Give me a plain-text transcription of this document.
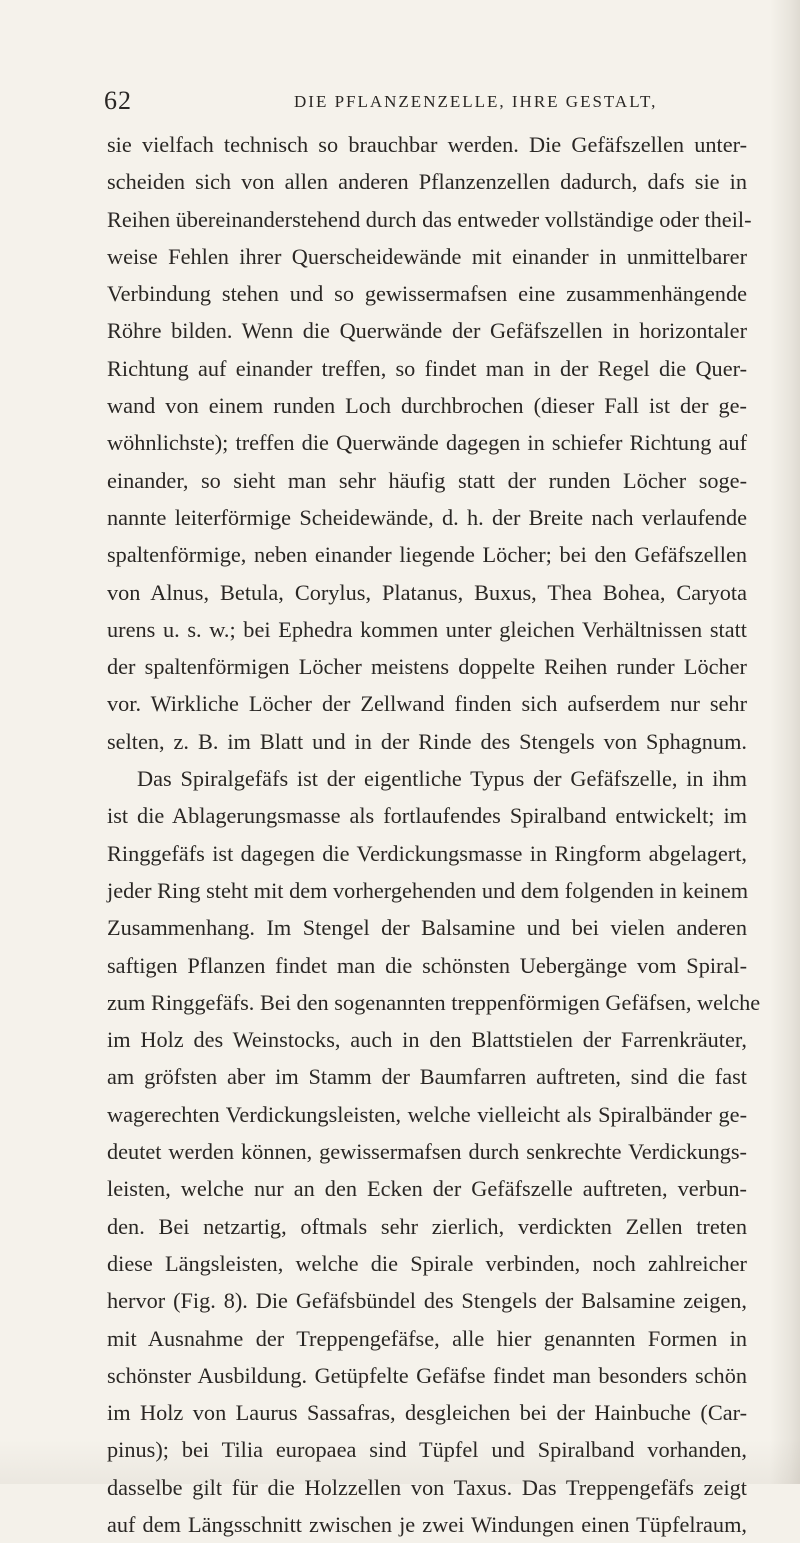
62	DIE PFLANZENZELLE, IHRE GESTALT,
sie vielfach technisch so brauchbar werden. Die Gefäfszellen unter-
scheiden sich von allen anderen Pflanzenzellen dadurch, dafs sie in
Reihen übereinanderstehend durch das entweder vollständige oder theil-
weise Fehlen ihrer Querscheidewände mit einander in unmittelbarer
Verbindung stehen und so gewissermafsen eine zusammenhängende
Röhre bilden. Wenn die Querwände der Gefäfszellen in horizontaler
Richtung auf einander treffen, so findet man in der Regel die Quer-
wand von einem runden Loch durchbrochen (dieser Fall ist der ge-
wöhnlichste); treffen die Querwände dagegen in schiefer Richtung auf
einander, so sieht man sehr häufig statt der runden Löcher soge-
nannte leiterförmige Scheidewände, d. h. der Breite nach verlaufende
spaltenförmige, neben einander liegende Löcher; bei den Gefäfszellen
von Alnus, Betula, Corylus, Platanus, Buxus, Thea Bohea, Caryota
urens u. s. w.; bei Ephedra kommen unter gleichen Verhältnissen statt
der spaltenförmigen Löcher meistens doppelte Reihen runder Löcher
vor. Wirkliche Löcher der Zellwand finden sich aufserdem nur sehr
selten, z. B. im Blatt und in der Rinde des Stengels von Sphagnum.
Das Spiralgefäfs ist der eigentliche Typus der Gefäfszelle, in ihm
ist die Ablagerungsmasse als fortlaufendes Spiralband entwickelt; im
Ringgefäfs ist dagegen die Verdickungsmasse in Ringform abgelagert,
jeder Ring steht mit dem vorhergehenden und dem folgenden in keinem
Zusammenhang. Im Stengel der Balsamine und bei vielen anderen
saftigen Pflanzen findet man die schönsten Uebergänge vom Spiral-
zum Ringgefäfs. Bei den sogenannten treppenförmigen Gefäfsen, welche
im Holz des Weinstocks, auch in den Blattstielen der Farrenkräuter,
am gröfsten aber im Stamm der Baumfarren auftreten, sind die fast
wagerechten Verdickungsleisten, welche vielleicht als Spiralbänder ge-
deutet werden können, gewissermafsen durch senkrechte Verdickungs-
leisten, welche nur an den Ecken der Gefäfszelle auftreten, verbun-
den. Bei netzartig, oftmals sehr zierlich, verdickten Zellen treten
diese Längsleisten, welche die Spirale verbinden, noch zahlreicher
hervor (Fig. 8). Die Gefäfsbündel des Stengels der Balsamine zeigen,
mit Ausnahme der Treppengefäfse, alle hier genannten Formen in
schönster Ausbildung. Getüpfelte Gefäfse findet man besonders schön
im Holz von Laurus Sassafras, desgleichen bei der Hainbuche (Car-
pinus); bei Tilia europaea sind Tüpfel und Spiralband vorhanden,
dasselbe gilt für die Holzzellen von Taxus. Das Treppengefäfs zeigt
auf dem Längsschnitt zwischen je zwei Windungen einen Tüpfelraum,
